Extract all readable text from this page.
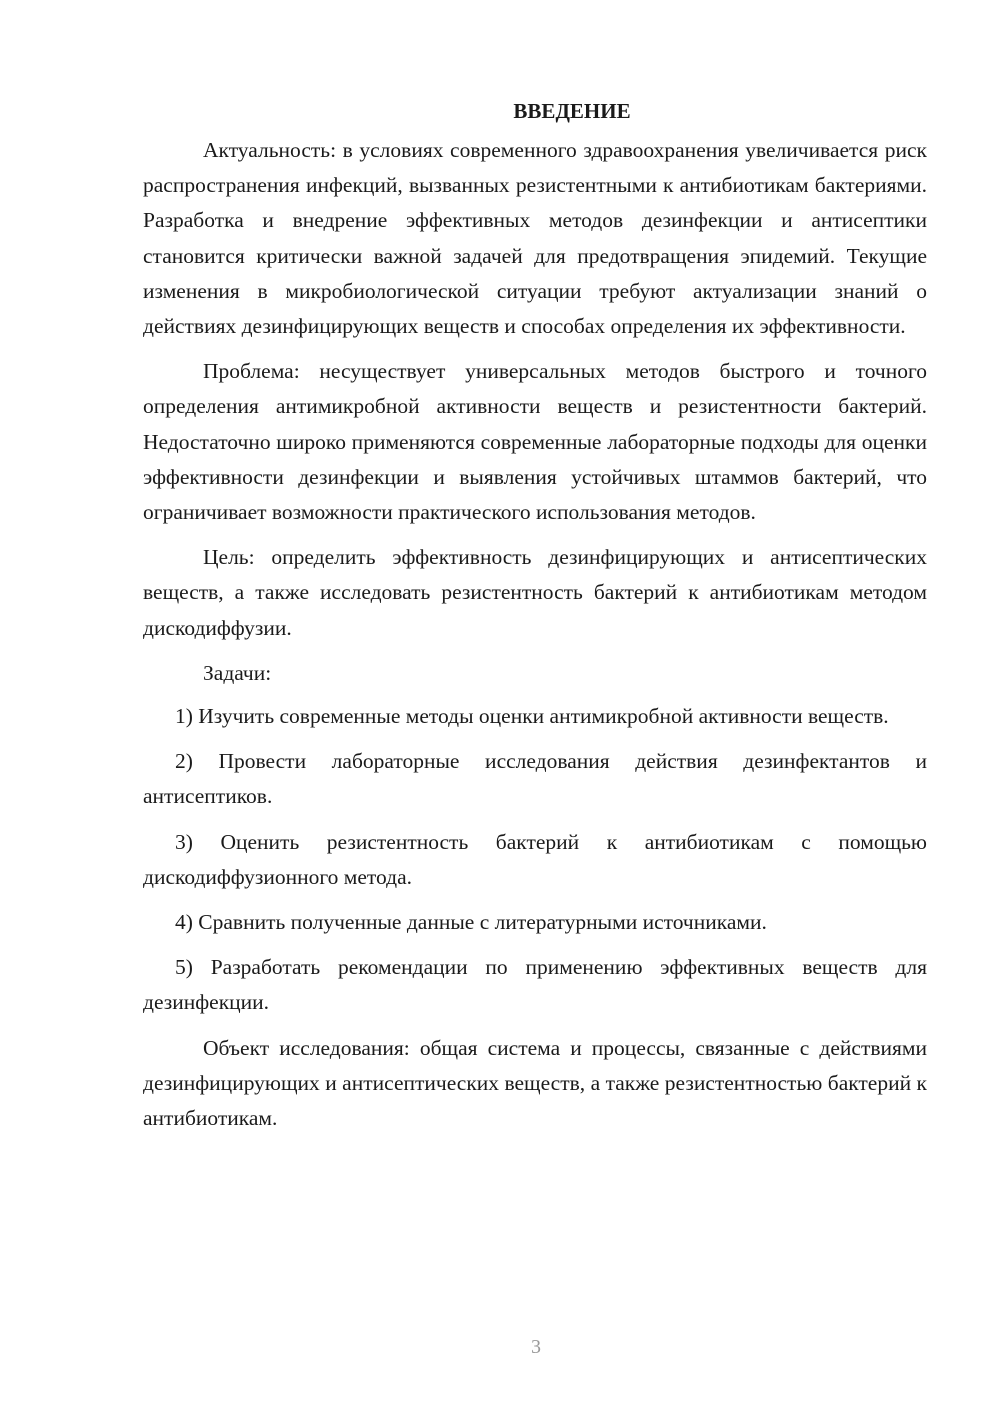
ВВЕДЕНИЕ

Актуальность: в условиях современного здравоохранения увеличивается риск распространения инфекций, вызванных резистентными к антибиотикам бактериями. Разработка и внедрение эффективных методов дезинфекции и антисептики становится критически важной задачей для предотвращения эпидемий. Текущие изменения в микробиологической ситуации требуют актуализации знаний о действиях дезинфицирующих веществ и способах определения их эффективности.

Проблема: несуществует универсальных методов быстрого и точного определения антимикробной активности веществ и резистентности бактерий. Недостаточно широко применяются современные лабораторные подходы для оценки эффективности дезинфекции и выявления устойчивых штаммов бактерий, что ограничивает возможности практического использования методов.

Цель: определить эффективность дезинфицирующих и антисептических веществ, а также исследовать резистентность бактерий к антибиотикам методом дискодиффузии.

Задачи:

1) Изучить современные методы оценки антимикробной активности веществ.

2) Провести лабораторные исследования действия дезинфектантов и антисептиков.

3) Оценить резистентность бактерий к антибиотикам с помощью дискодиффузионного метода.

4) Сравнить полученные данные с литературными источниками.

5) Разработать рекомендации по применению эффективных веществ для дезинфекции.

Объект исследования: общая система и процессы, связанные с действиями дезинфицирующих и антисептических веществ, а также резистентностью бактерий к антибиотикам.

3
